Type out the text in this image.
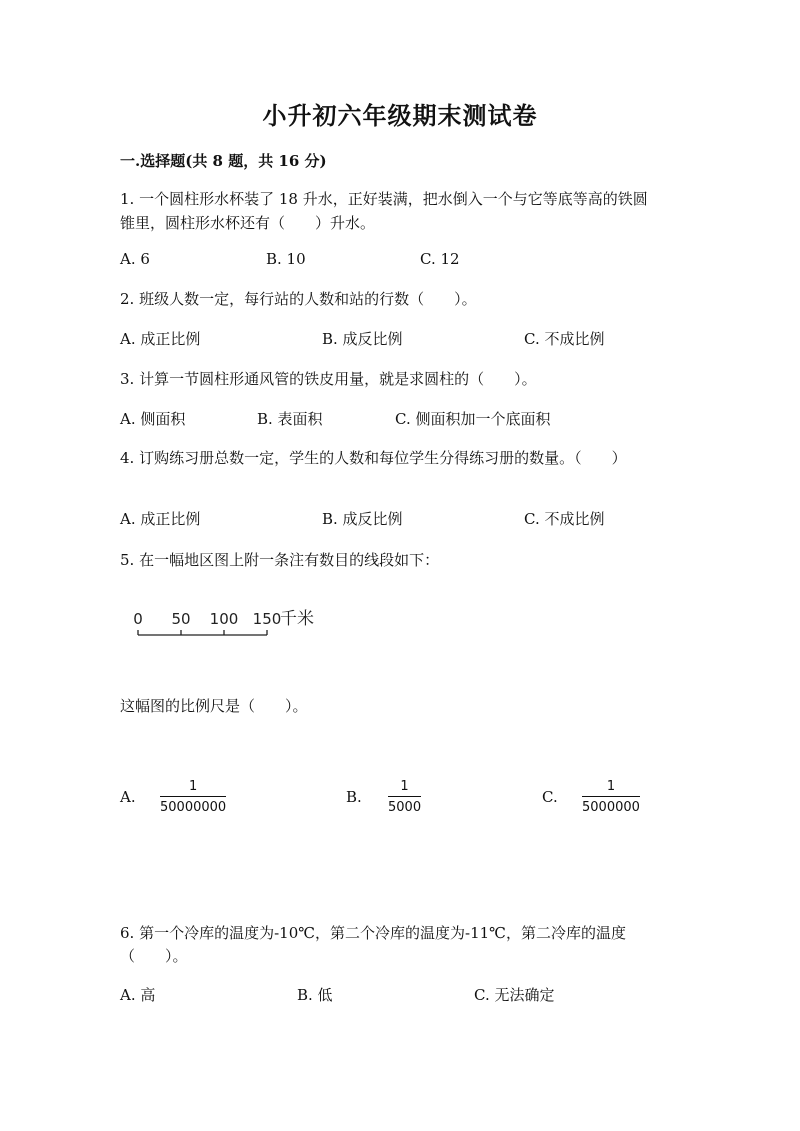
小升初六年级期末测试卷
一.选择题(共 8 题，共 16 分)
1. 一个圆柱形水杯装了 18 升水，正好装满，把水倒入一个与它等底等高的铁圆
锥里，圆柱形水杯还有（　　）升水。
A. 6	B. 10	C. 12
2. 班级人数一定，每行站的人数和站的行数（　　）。
A. 成正比例	B. 成反比例	C. 不成比例
3. 计算一节圆柱形通风管的铁皮用量，就是求圆柱的（　　）。
A. 侧面积	B. 表面积	C. 侧面积加一个底面积
4. 订购练习册总数一定，学生的人数和每位学生分得练习册的数量。（　　）
A. 成正比例	B. 成反比例	C. 不成比例
5. 在一幅地区图上附一条注有数目的线段如下：
0 50 100 150
千米
这幅图的比例尺是（　　）。
A.
1
50000000
B.
1
5000
C.
1
5000000
6. 第一个冷库的温度为-10℃，第二个冷库的温度为-11℃，第二冷库的温度
（　　）。
A. 高	B. 低	C. 无法确定
